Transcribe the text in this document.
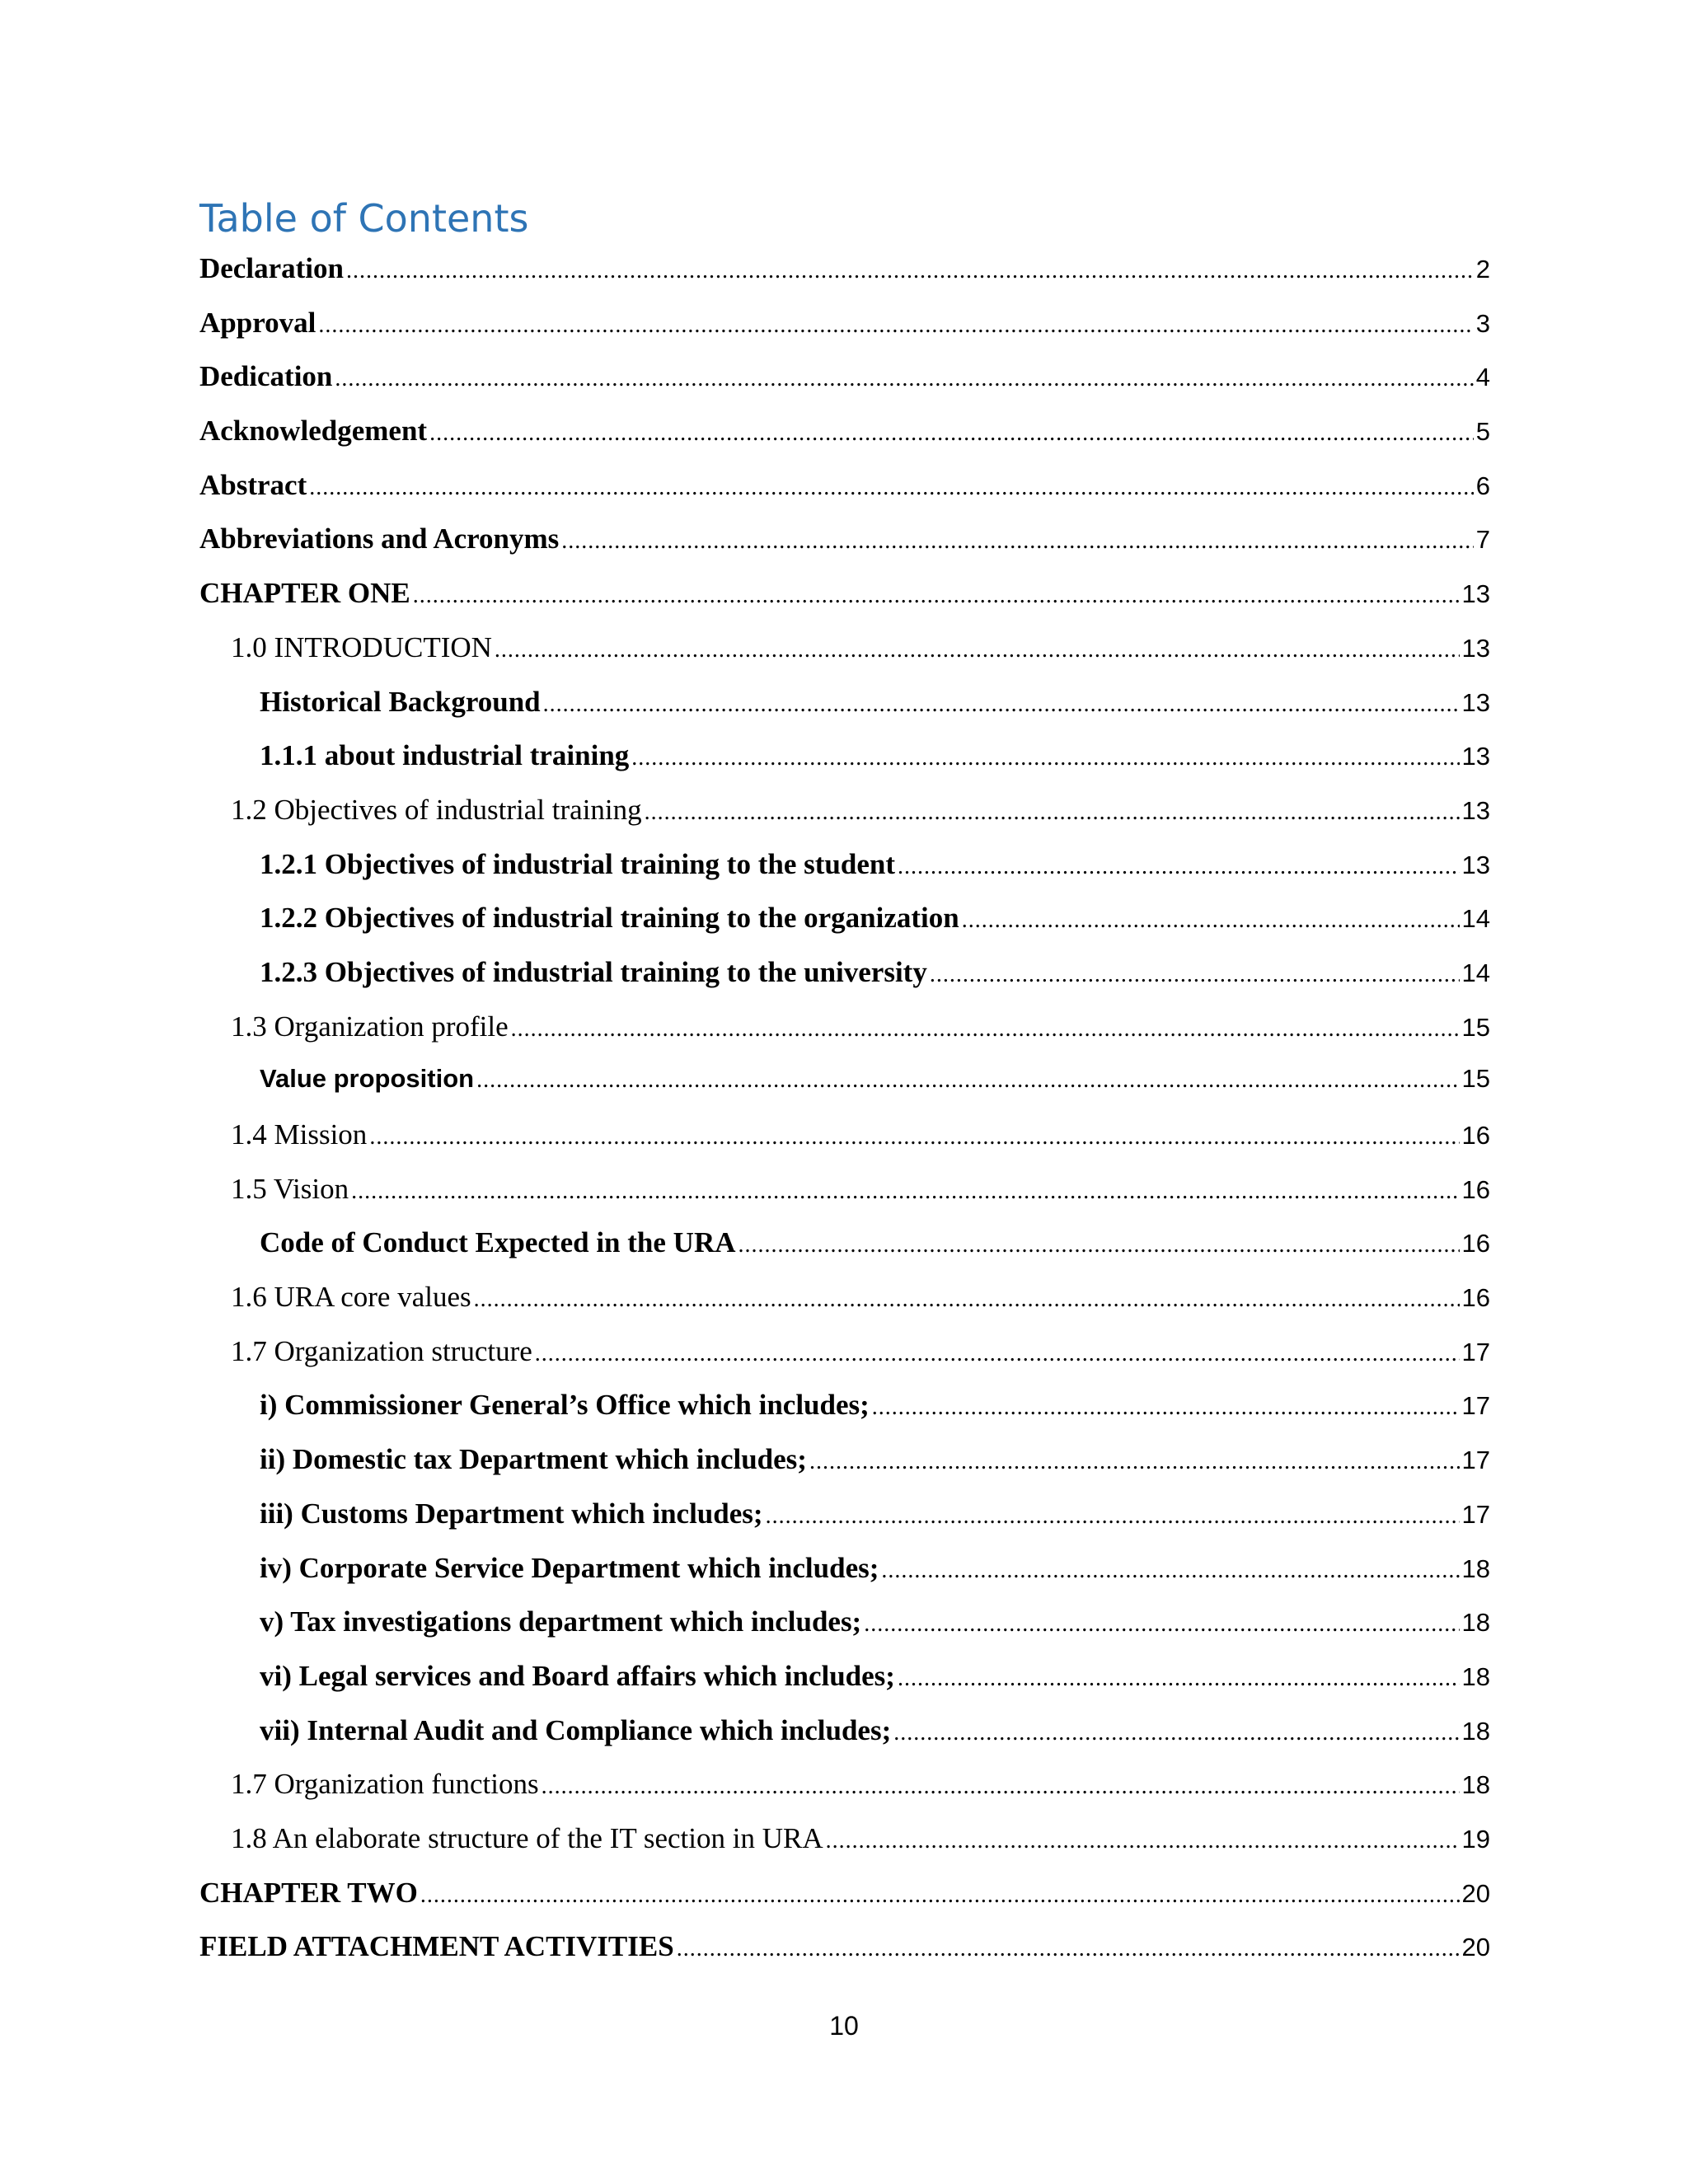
Table of Contents
Declaration .....	2
Approval .....	3
Dedication .....	4
Acknowledgement .....	5
Abstract .....	6
Abbreviations and Acronyms .....	7
CHAPTER ONE .....	13
1.0 INTRODUCTION .....	13
Historical Background .....	13
1.1.1 about industrial training .....	13
1.2 Objectives of industrial training .....	13
1.2.1 Objectives of industrial training to the student .....	13
1.2.2 Objectives of industrial training to the organization .....	14
1.2.3 Objectives of industrial training to the university .....	14
1.3 Organization profile .....	15
Value proposition .....	15
1.4 Mission .....	16
1.5 Vision .....	16
Code of Conduct Expected in the URA .....	16
1.6 URA core values .....	16
1.7 Organization structure .....	17
i) Commissioner General’s Office which includes; .....	17
ii) Domestic tax Department which includes; .....	17
iii) Customs Department which includes; .....	17
iv) Corporate Service Department which includes; .....	18
v) Tax investigations department which includes; .....	18
vi) Legal services and Board affairs which includes; .....	18
vii) Internal Audit and Compliance which includes; .....	18
1.7 Organization functions .....	18
1.8 An elaborate structure of the IT section in URA .....	19
CHAPTER TWO .....	20
FIELD ATTACHMENT ACTIVITIES .....	20
10
